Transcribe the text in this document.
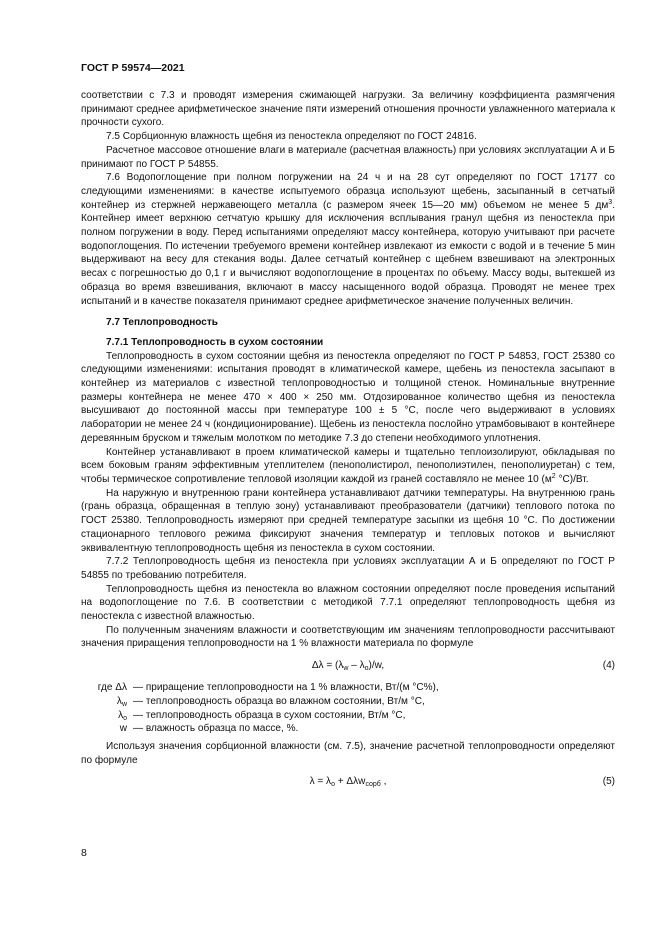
ГОСТ Р 59574—2021

соответствии с 7.3 и проводят измерения сжимающей нагрузки. За величину коэффициента размягчения принимают среднее арифметическое значение пяти измерений отношения прочности увлажненного материала к прочности сухого.

7.5 Сорбционную влажность щебня из пеностекла определяют по ГОСТ 24816.

Расчетное массовое отношение влаги в материале (расчетная влажность) при условиях эксплуатации А и Б принимают по ГОСТ Р 54855.

7.6 Водопоглощение при полном погружении на 24 ч и на 28 сут определяют по ГОСТ 17177 со следующими изменениями: в качестве испытуемого образца используют щебень, засыпанный в сетчатый контейнер из стержней нержавеющего металла (с размером ячеек 15—20 мм) объемом не менее 5 $дм^3$. Контейнер имеет верхнюю сетчатую крышку для исключения всплывания гранул щебня из пеностекла при полном погружении в воду. Перед испытаниями определяют массу контейнера, которую учитывают при расчете водопоглощения. По истечении требуемого времени контейнер извлекают из емкости с водой и в течение 5 мин выдерживают на весу для стекания воды. Далее сетчатый контейнер с щебнем взвешивают на электронных весах с погрешностью до 0,1 г и вычисляют водопоглощение в процентах по объему. Массу воды, вытекшей из образца во время взвешивания, включают в массу насыщенного водой образца. Проводят не менее трех испытаний и в качестве показателя принимают среднее арифметическое значение полученных величин.

7.7 Теплопроводность

7.7.1 Теплопроводность в сухом состоянии

Теплопроводность в сухом состоянии щебня из пеностекла определяют по ГОСТ Р 54853, ГОСТ 25380 со следующими изменениями: испытания проводят в климатической камере, щебень из пеностекла засыпают в контейнер из материалов с известной теплопроводностью и толщиной стенок. Номинальные внутренние размеры контейнера не менее 470 × 400 × 250 мм. Отдозированное количество щебня из пеностекла высушивают до постоянной массы при температуре 100 ± 5 °С, после чего выдерживают в условиях лаборатории не менее 24 ч (кондиционирование). Щебень из пеностекла послойно утрамбовывают в контейнере деревянным бруском и тяжелым молотком по методике 7.3 до степени необходимого уплотнения.

Контейнер устанавливают в проем климатической камеры и тщательно теплоизолируют, обкладывая по всем боковым граням эффективным утеплителем (пенополистирол, пенополиэтилен, пенополиуретан) с тем, чтобы термическое сопротивление тепловой изоляции каждой из граней составляло не менее 10 ($м^2$ °С)/Вт.

На наружную и внутреннюю грани контейнера устанавливают датчики температуры. На внутреннюю грань (грань образца, обращенная в теплую зону) устанавливают преобразователи (датчики) теплового потока по ГОСТ 25380. Теплопроводность измеряют при средней температуре засыпки из щебня 10 °С. По достижении стационарного теплового режима фиксируют значения температур и тепловых потоков и вычисляют эквивалентную теплопроводность щебня из пеностекла в сухом состоянии.

7.7.2 Теплопроводность щебня из пеностекла при условиях эксплуатации А и Б определяют по ГОСТ Р 54855 по требованию потребителя.

Теплопроводность щебня из пеностекла во влажном состоянии определяют после проведения испытаний на водопоглощение по 7.6. В соответствии с методикой 7.7.1 определяют теплопроводность щебня из пеностекла с известной влажностью.

По полученным значениям влажности и соответствующим им значениям теплопроводности рассчитывают значения приращения теплопроводности на 1 % влажности материала по формуле

$\Delta\lambda = (\lambda_w - \lambda_o)/w$,	(4)
где Δλ — приращение теплопроводности на 1 % влажности, Вт/(м °С%),
$\lambda_w$ — теплопроводность образца во влажном состоянии, Вт/м °С,
$\lambda_o$ — теплопроводность образца в сухом состоянии, Вт/м °С,
w — влажность образца по массе, %.

Используя значения сорбционной влажности (см. 7.5), значение расчетной теплопроводности определяют по формуле

$\lambda = \lambda_o + \Delta\lambda w_{сорб}$ ,	(5)
8
